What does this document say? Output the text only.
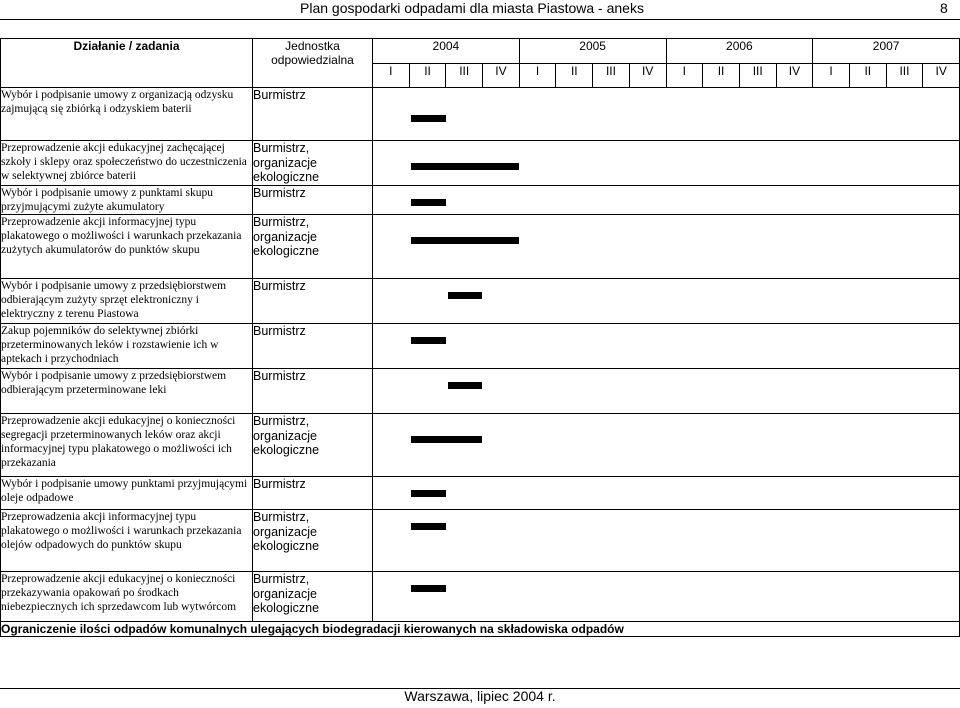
Plan gospodarki odpadami dla miasta Piastowa - aneks	8
Działanie / zadania	Jednostka odpowiedzialna	2004				2005				2006				2007			
		I	II	III	IV	I	II	III	IV	I	II	III	IV	I	II	III	IV
Wybór i podpisanie umowy z organizacją odzysku zajmującą się zbiórką i odzyskiem baterii	Burmistrz																

Przeprowadzenie akcji edukacyjnej zachęcającej szkoły i sklepy oraz społeczeństwo do uczestniczenia w selektywnej zbiórce baterii	Burmistrz, organizacje ekologiczne																

Wybór i podpisanie umowy z punktami skupu przyjmującymi zużyte akumulatory	Burmistrz																

Przeprowadzenie akcji informacyjnej typu plakatowego o możliwości i warunkach przekazania zużytych akumulatorów do punktów skupu	Burmistrz, organizacje ekologiczne																

Wybór i podpisanie umowy z przedsiębiorstwem odbierającym zużyty sprzęt elektroniczny i elektryczny z terenu Piastowa	Burmistrz																

Zakup pojemników do selektywnej zbiórki przeterminowanych leków i rozstawienie ich w aptekach i przychodniach	Burmistrz																

Wybór i podpisanie umowy z przedsiębiorstwem odbierającym przeterminowane leki	Burmistrz																

Przeprowadzenie akcji edukacyjnej o konieczności segregacji przeterminowanych leków oraz akcji informacyjnej typu plakatowego o możliwości ich przekazania	Burmistrz, organizacje ekologiczne																

Wybór i podpisanie umowy punktami przyjmującymi oleje odpadowe	Burmistrz																

Przeprowadzenia akcji informacyjnej typu plakatowego o możliwości i warunkach przekazania olejów odpadowych do punktów skupu	Burmistrz, organizacje ekologiczne																

Przeprowadzenie akcji edukacyjnej o konieczności przekazywania opakowań po środkach niebezpiecznych ich sprzedawcom lub wytwórcom	Burmistrz, organizacje ekologiczne																

Ograniczenie ilości odpadów komunalnych ulegających biodegradacji kierowanych na składowiska odpadów																	
Warszawa, lipiec 2004 r.
